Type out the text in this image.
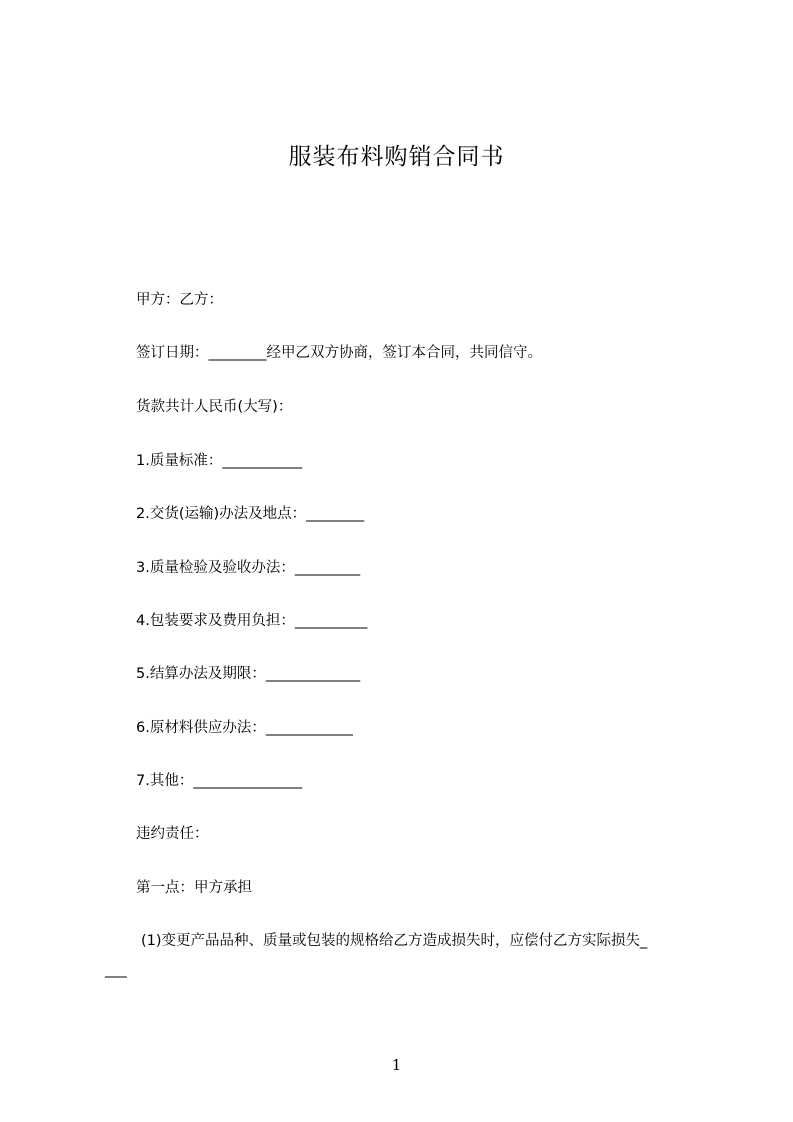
服装布料购销合同书
甲方：乙方：
签订日期：________经甲乙双方协商，签订本合同，共同信守。
货款共计人民币(大写)：
1.质量标准：___________
2.交货(运输)办法及地点：________
3.质量检验及验收办法：_________
4.包装要求及费用负担：__________
5.结算办法及期限：_____________
6.原材料供应办法：____________
7.其他：_______________
违约责任：
第一点：甲方承担
(1)变更产品品种、质量或包装的规格给乙方造成损失时，应偿付乙方实际损失_
___
1
